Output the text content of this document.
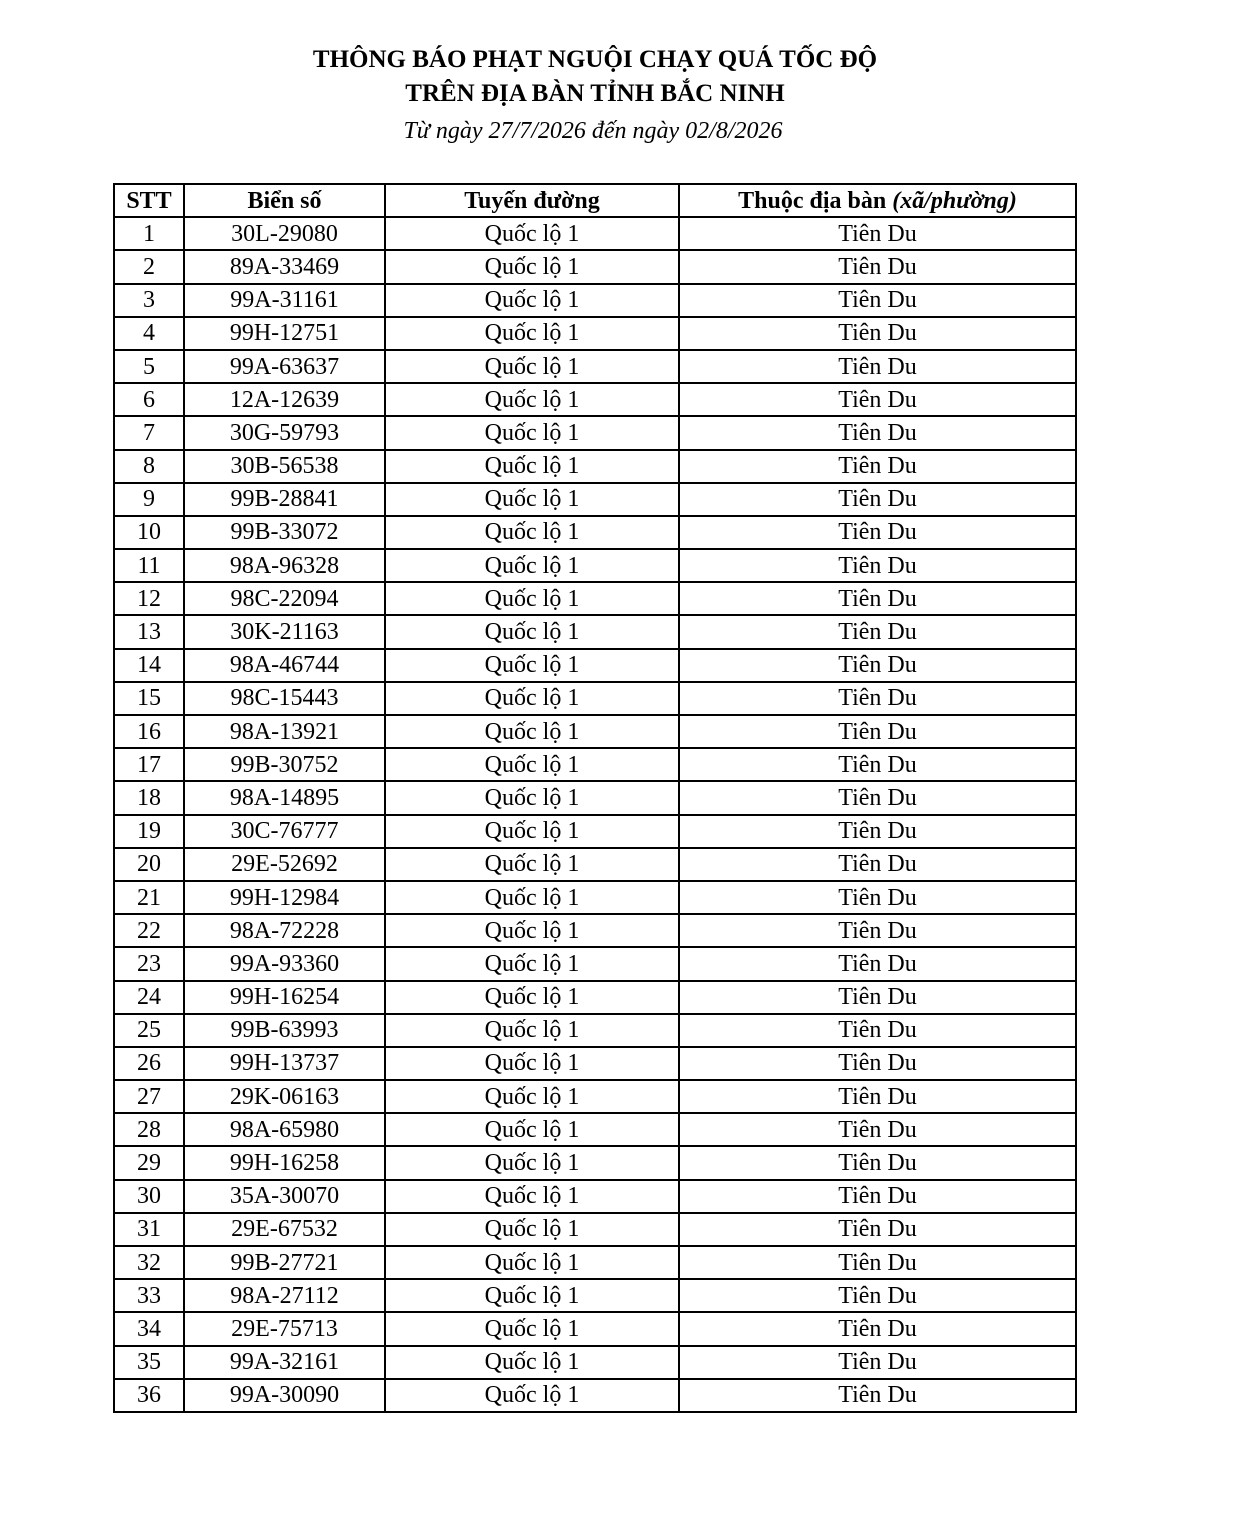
THÔNG BÁO PHẠT NGUỘI CHẠY QUÁ TỐC ĐỘ
TRÊN ĐỊA BÀN TỈNH BẮC NINH
Từ ngày 27/7/2026 đến ngày 02/8/2026
STT	Biển số	Tuyến đường	Thuộc địa bàn (xã/phường)
1	30L-29080	Quốc lộ 1	Tiên Du
2	89A-33469	Quốc lộ 1	Tiên Du
3	99A-31161	Quốc lộ 1	Tiên Du
4	99H-12751	Quốc lộ 1	Tiên Du
5	99A-63637	Quốc lộ 1	Tiên Du
6	12A-12639	Quốc lộ 1	Tiên Du
7	30G-59793	Quốc lộ 1	Tiên Du
8	30B-56538	Quốc lộ 1	Tiên Du
9	99B-28841	Quốc lộ 1	Tiên Du
10	99B-33072	Quốc lộ 1	Tiên Du
11	98A-96328	Quốc lộ 1	Tiên Du
12	98C-22094	Quốc lộ 1	Tiên Du
13	30K-21163	Quốc lộ 1	Tiên Du
14	98A-46744	Quốc lộ 1	Tiên Du
15	98C-15443	Quốc lộ 1	Tiên Du
16	98A-13921	Quốc lộ 1	Tiên Du
17	99B-30752	Quốc lộ 1	Tiên Du
18	98A-14895	Quốc lộ 1	Tiên Du
19	30C-76777	Quốc lộ 1	Tiên Du
20	29E-52692	Quốc lộ 1	Tiên Du
21	99H-12984	Quốc lộ 1	Tiên Du
22	98A-72228	Quốc lộ 1	Tiên Du
23	99A-93360	Quốc lộ 1	Tiên Du
24	99H-16254	Quốc lộ 1	Tiên Du
25	99B-63993	Quốc lộ 1	Tiên Du
26	99H-13737	Quốc lộ 1	Tiên Du
27	29K-06163	Quốc lộ 1	Tiên Du
28	98A-65980	Quốc lộ 1	Tiên Du
29	99H-16258	Quốc lộ 1	Tiên Du
30	35A-30070	Quốc lộ 1	Tiên Du
31	29E-67532	Quốc lộ 1	Tiên Du
32	99B-27721	Quốc lộ 1	Tiên Du
33	98A-27112	Quốc lộ 1	Tiên Du
34	29E-75713	Quốc lộ 1	Tiên Du
35	99A-32161	Quốc lộ 1	Tiên Du
36	99A-30090	Quốc lộ 1	Tiên Du
